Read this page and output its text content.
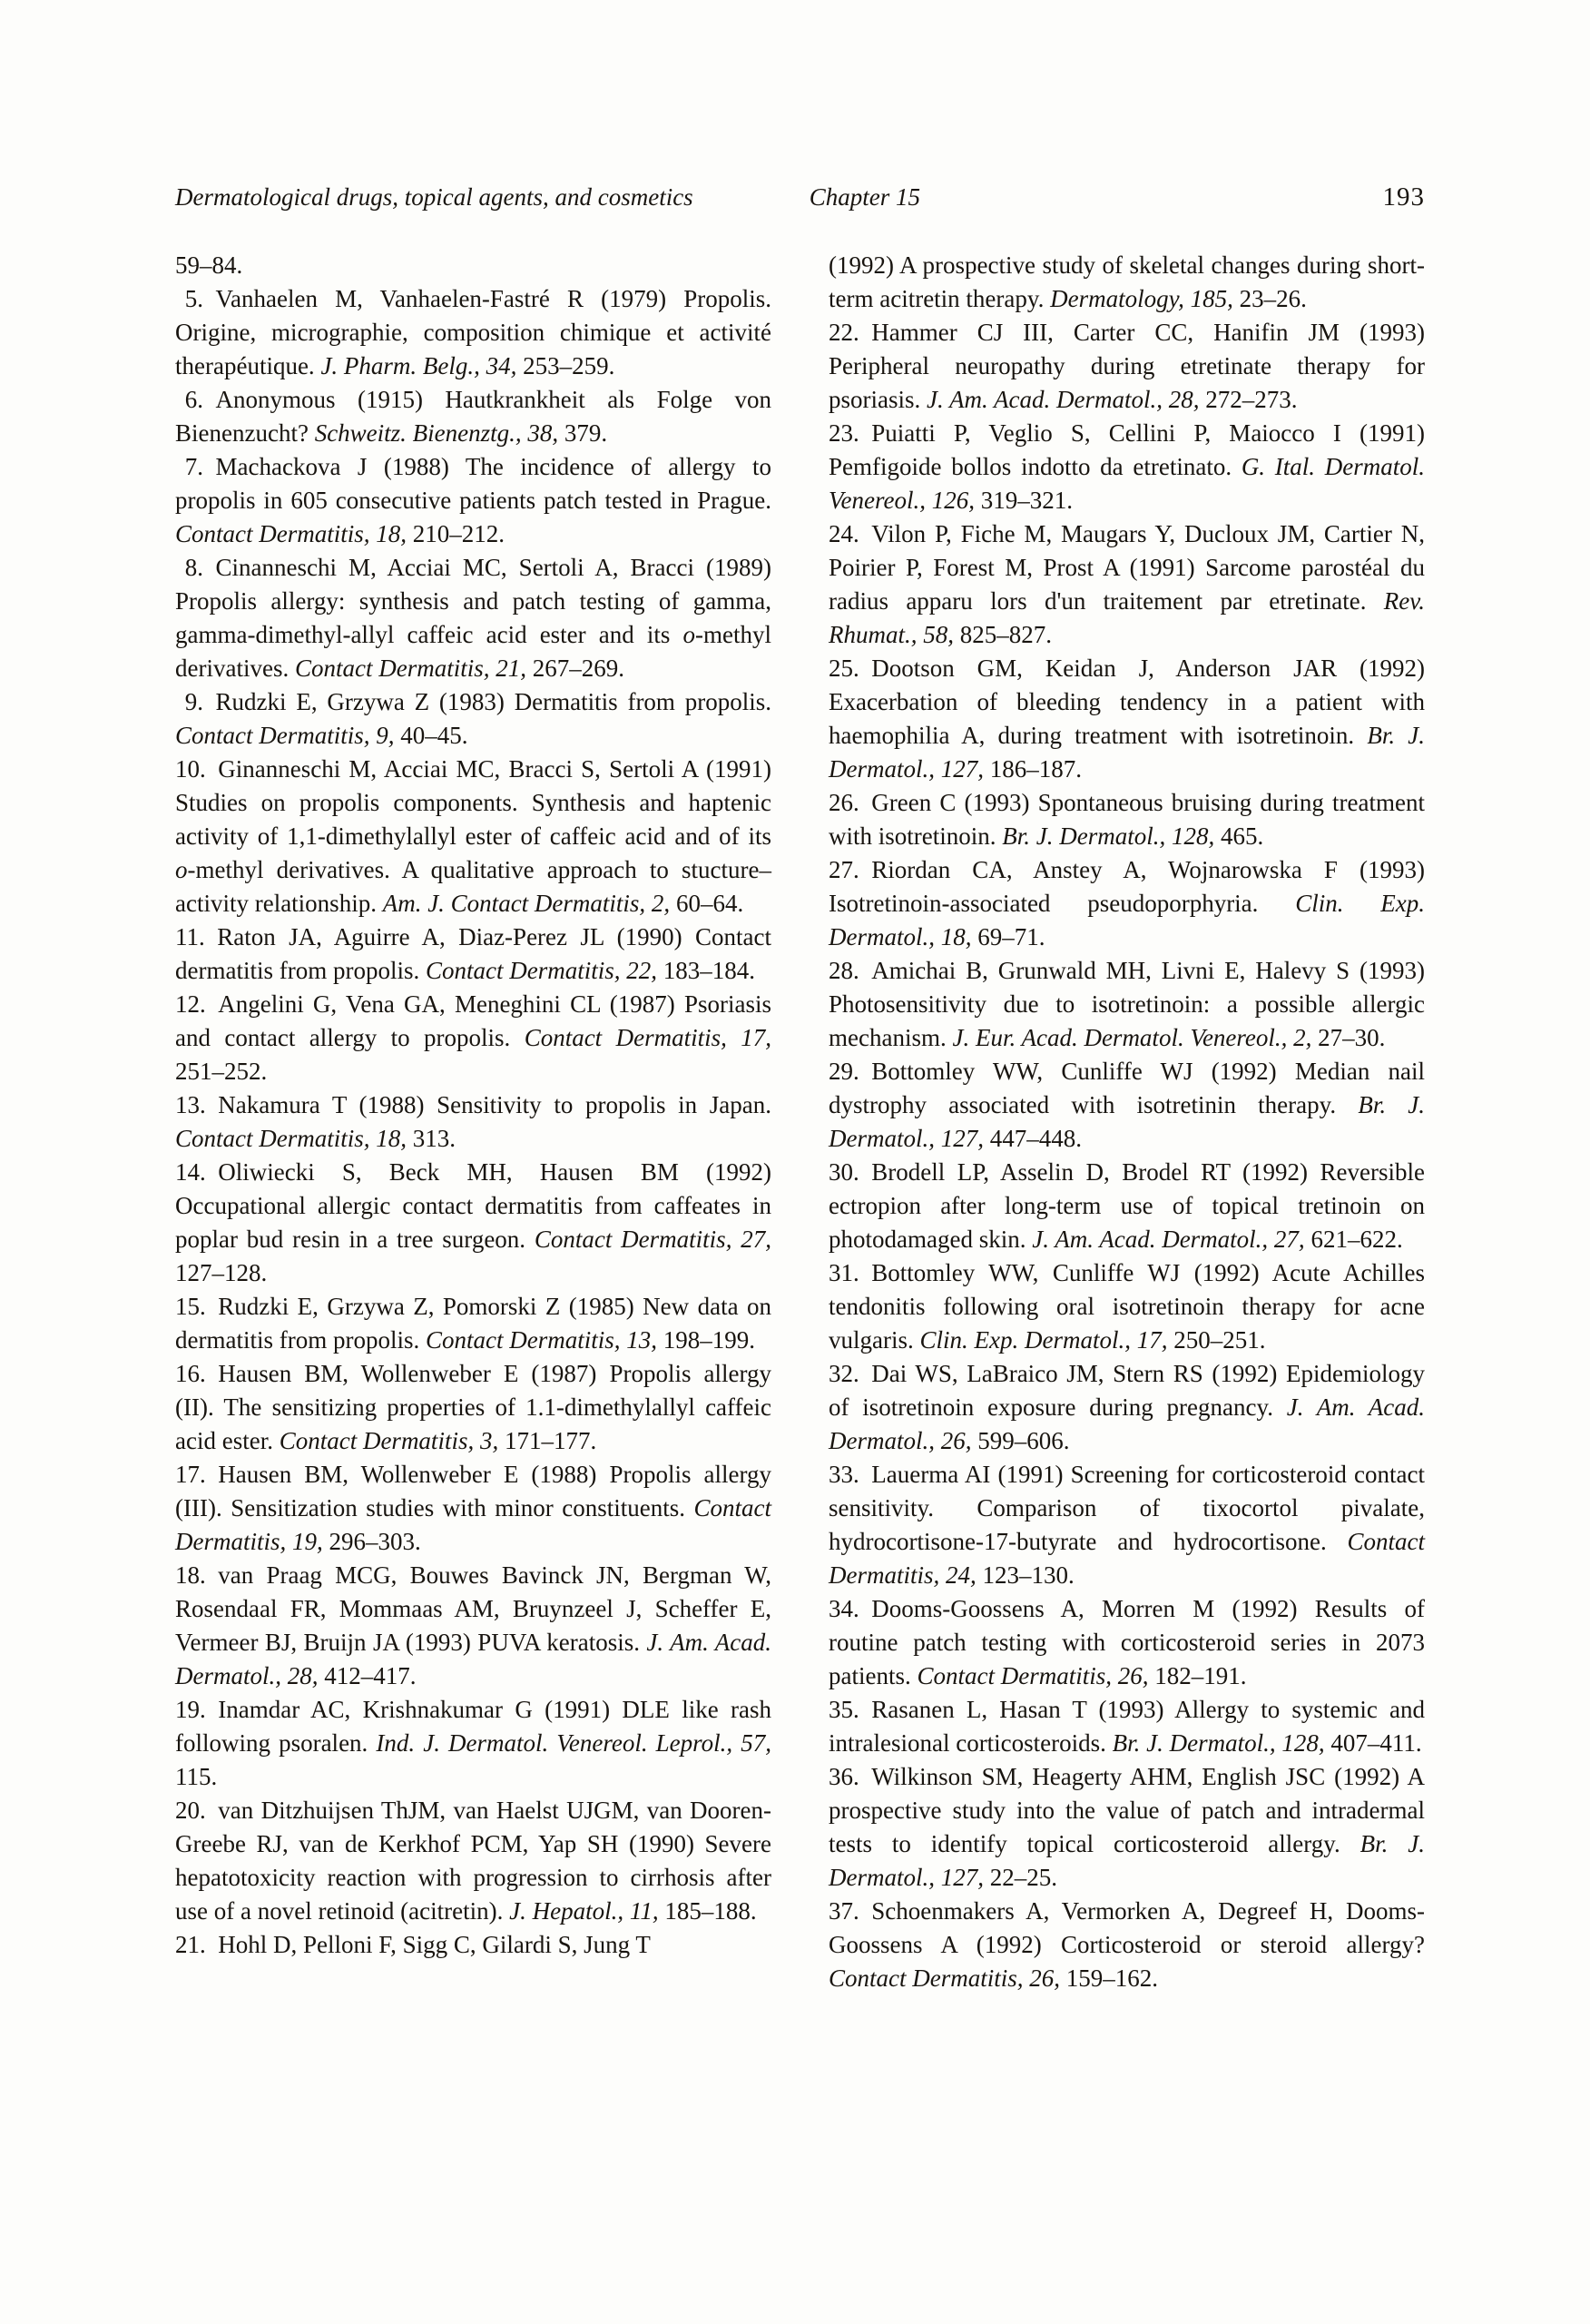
Dermatological drugs, topical agents, and cosmetics	Chapter 15	193

59–84.

5. Vanhaelen M, Vanhaelen-Fastré R (1979) Propolis. Origine, micrographie, composition chimique et activité therapéutique. J. Pharm. Belg., 34, 253–259.

6. Anonymous (1915) Hautkrankheit als Folge von Bienenzucht? Schweitz. Bienenztg., 38, 379.

7. Machackova J (1988) The incidence of allergy to propolis in 605 consecutive patients patch tested in Prague. Contact Dermatitis, 18, 210–212.

8. Cinanneschi M, Acciai MC, Sertoli A, Bracci (1989) Propolis allergy: synthesis and patch testing of gamma, gamma-dimethyl-allyl caffeic acid ester and its o-methyl derivatives. Contact Dermatitis, 21, 267–269.

9. Rudzki E, Grzywa Z (1983) Dermatitis from propolis. Contact Dermatitis, 9, 40–45.

10. Ginanneschi M, Acciai MC, Bracci S, Sertoli A (1991) Studies on propolis components. Synthesis and haptenic activity of 1,1-dimethylallyl ester of caffeic acid and of its o-methyl derivatives. A qualitative approach to stucture–activity relationship. Am. J. Contact Dermatitis, 2, 60–64.

11. Raton JA, Aguirre A, Diaz-Perez JL (1990) Contact dermatitis from propolis. Contact Dermatitis, 22, 183–184.

12. Angelini G, Vena GA, Meneghini CL (1987) Psoriasis and contact allergy to propolis. Contact Dermatitis, 17, 251–252.

13. Nakamura T (1988) Sensitivity to propolis in Japan. Contact Dermatitis, 18, 313.

14. Oliwiecki S, Beck MH, Hausen BM (1992) Occupational allergic contact dermatitis from caffeates in poplar bud resin in a tree surgeon. Contact Dermatitis, 27, 127–128.

15. Rudzki E, Grzywa Z, Pomorski Z (1985) New data on dermatitis from propolis. Contact Dermatitis, 13, 198–199.

16. Hausen BM, Wollenweber E (1987) Propolis allergy (II). The sensitizing properties of 1.1-dimethylallyl caffeic acid ester. Contact Dermatitis, 3, 171–177.

17. Hausen BM, Wollenweber E (1988) Propolis allergy (III). Sensitization studies with minor constituents. Contact Dermatitis, 19, 296–303.

18. van Praag MCG, Bouwes Bavinck JN, Bergman W, Rosendaal FR, Mommaas AM, Bruynzeel J, Scheffer E, Vermeer BJ, Bruijn JA (1993) PUVA keratosis. J. Am. Acad. Dermatol., 28, 412–417.

19. Inamdar AC, Krishnakumar G (1991) DLE like rash following psoralen. Ind. J. Dermatol. Venereol. Leprol., 57, 115.

20. van Ditzhuijsen ThJM, van Haelst UJGM, van Dooren-Greebe RJ, van de Kerkhof PCM, Yap SH (1990) Severe hepatotoxicity reaction with progression to cirrhosis after use of a novel retinoid (acitretin). J. Hepatol., 11, 185–188.

21. Hohl D, Pelloni F, Sigg C, Gilardi S, Jung T

(1992) A prospective study of skeletal changes during short-term acitretin therapy. Dermatology, 185, 23–26.

22. Hammer CJ III, Carter CC, Hanifin JM (1993) Peripheral neuropathy during etretinate therapy for psoriasis. J. Am. Acad. Dermatol., 28, 272–273.

23. Puiatti P, Veglio S, Cellini P, Maiocco I (1991) Pemfigoide bollos indotto da etretinato. G. Ital. Dermatol. Venereol., 126, 319–321.

24. Vilon P, Fiche M, Maugars Y, Ducloux JM, Cartier N, Poirier P, Forest M, Prost A (1991) Sarcome parostéal du radius apparu lors d'un traitement par etretinate. Rev. Rhumat., 58, 825–827.

25. Dootson GM, Keidan J, Anderson JAR (1992) Exacerbation of bleeding tendency in a patient with haemophilia A, during treatment with isotretinoin. Br. J. Dermatol., 127, 186–187.

26. Green C (1993) Spontaneous bruising during treatment with isotretinoin. Br. J. Dermatol., 128, 465.

27. Riordan CA, Anstey A, Wojnarowska F (1993) Isotretinoin-associated pseudoporphyria. Clin. Exp. Dermatol., 18, 69–71.

28. Amichai B, Grunwald MH, Livni E, Halevy S (1993) Photosensitivity due to isotretinoin: a possible allergic mechanism. J. Eur. Acad. Dermatol. Venereol., 2, 27–30.

29. Bottomley WW, Cunliffe WJ (1992) Median nail dystrophy associated with isotretinin therapy. Br. J. Dermatol., 127, 447–448.

30. Brodell LP, Asselin D, Brodel RT (1992) Reversible ectropion after long-term use of topical tretinoin on photodamaged skin. J. Am. Acad. Dermatol., 27, 621–622.

31. Bottomley WW, Cunliffe WJ (1992) Acute Achilles tendonitis following oral isotretinoin therapy for acne vulgaris. Clin. Exp. Dermatol., 17, 250–251.

32. Dai WS, LaBraico JM, Stern RS (1992) Epidemiology of isotretinoin exposure during pregnancy. J. Am. Acad. Dermatol., 26, 599–606.

33. Lauerma AI (1991) Screening for corticosteroid contact sensitivity. Comparison of tixocortol pivalate, hydrocortisone-17-butyrate and hydrocortisone. Contact Dermatitis, 24, 123–130.

34. Dooms-Goossens A, Morren M (1992) Results of routine patch testing with corticosteroid series in 2073 patients. Contact Dermatitis, 26, 182–191.

35. Rasanen L, Hasan T (1993) Allergy to systemic and intralesional corticosteroids. Br. J. Dermatol., 128, 407–411.

36. Wilkinson SM, Heagerty AHM, English JSC (1992) A prospective study into the value of patch and intradermal tests to identify topical corticosteroid allergy. Br. J. Dermatol., 127, 22–25.

37. Schoenmakers A, Vermorken A, Degreef H, Dooms-Goossens A (1992) Corticosteroid or steroid allergy? Contact Dermatitis, 26, 159–162.
